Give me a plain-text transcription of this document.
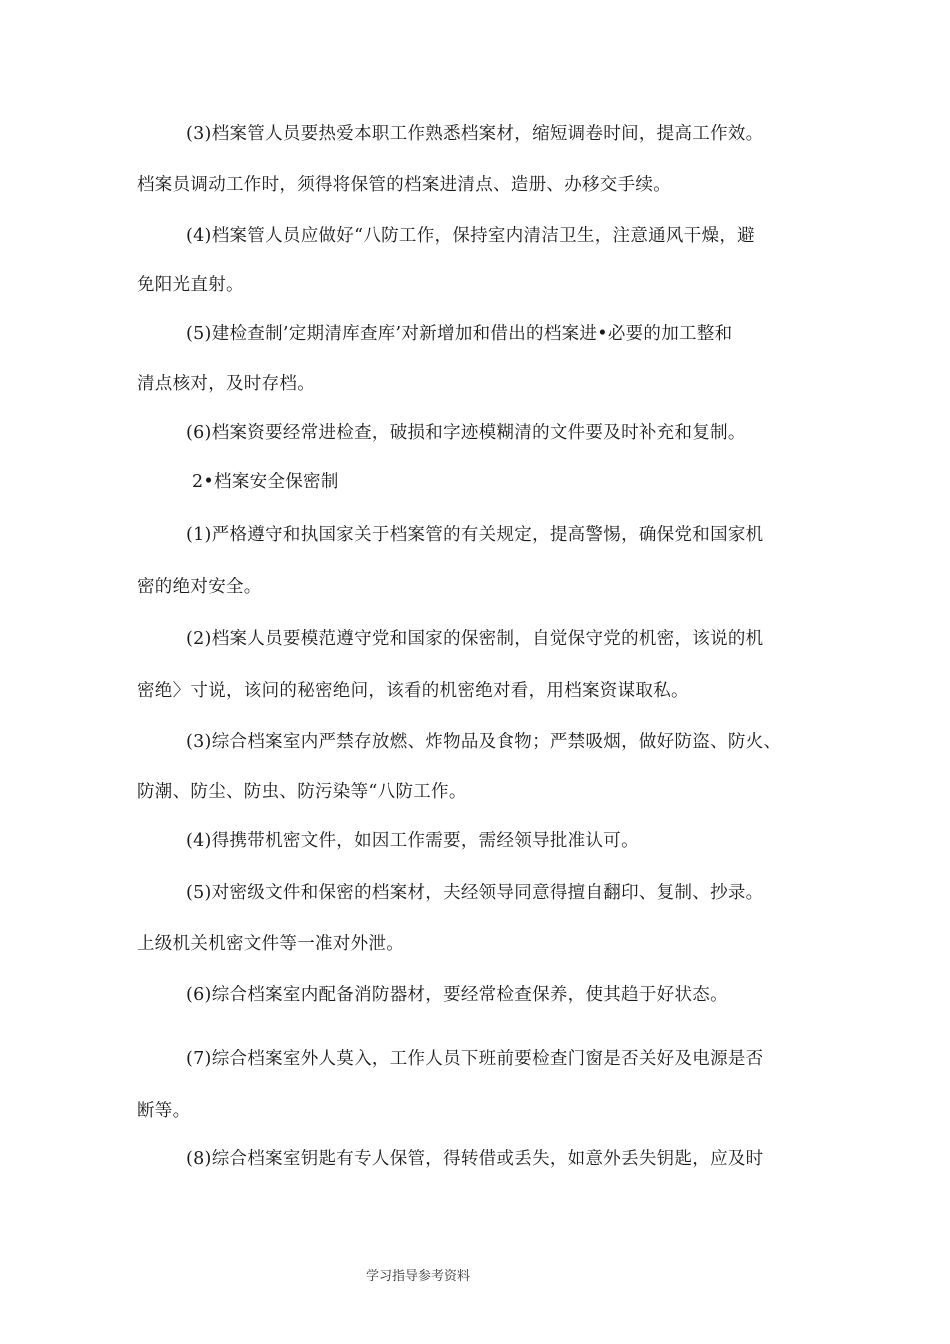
(3)档案管人员要热爱本职工作熟悉档案材，缩短调卷时间，提高工作效。
档案员调动工作时，须得将保管的档案进清点、造册、办移交手续。
(4)档案管人员应做好“八防工作，保持室内清洁卫生，注意通风干燥，避
免阳光直射。
(5)建检查制’定期清库查库’对新增加和借出的档案进•必要的加工整和
清点核对，及时存档。
(6)档案资要经常进检查，破损和字迹模糊清的文件要及时补充和复制。
2•档案安全保密制
(1)严格遵守和执国家关于档案管的有关规定，提高警惕，确保党和国家机
密的绝对安全。
(2)档案人员要模范遵守党和国家的保密制，自觉保守党的机密，该说的机
密绝〉寸说，该问的秘密绝问，该看的机密绝对看，用档案资谋取私。
(3)综合档案室内严禁存放燃、炸物品及食物；严禁吸烟，做好防盗、防火、
防潮、防尘、防虫、防污染等“八防工作。
(4)得携带机密文件，如因工作需要，需经领导批准认可。
(5)对密级文件和保密的档案材，夫经领导同意得擅自翻印、复制、抄录。
上级机关机密文件等一准对外泄。
(6)综合档案室内配备消防器材，要经常检查保养，使其趋于好状态。
(7)综合档案室外人莫入，工作人员下班前要检查门窗是否关好及电源是否
断等。
(8)综合档案室钥匙有专人保管，得转借或丢失，如意外丢失钥匙，应及时
学习指导参考资料
